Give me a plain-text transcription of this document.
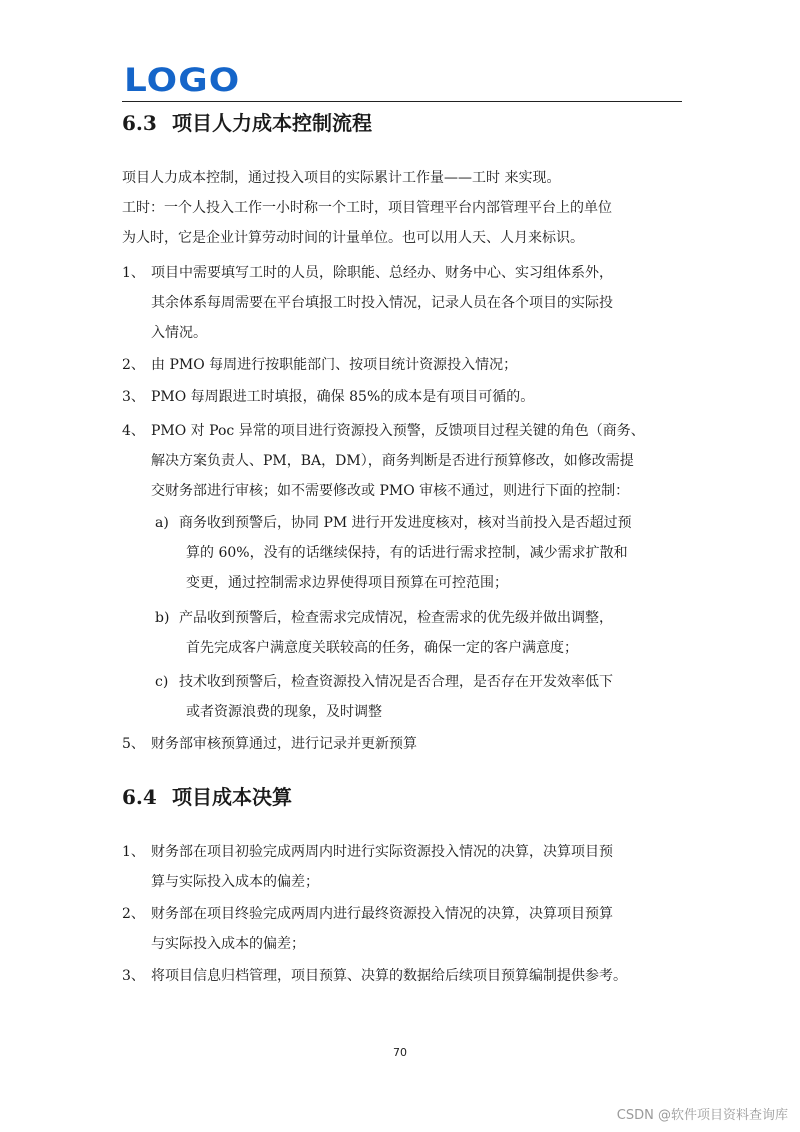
LOGO
6.3 项目人力成本控制流程

项目人力成本控制，通过投入项目的实际累计工作量——工时 来实现。

工时：一个人投入工作一小时称一个工时，项目管理平台内部管理平台上的单位

为人时，它是企业计算劳动时间的计量单位。也可以用人天、人月来标识。

1、 项目中需要填写工时的人员，除职能、总经办、财务中心、实习组体系外，
其余体系每周需要在平台填报工时投入情况，记录人员在各个项目的实际投
入情况。
2、 由 PMO 每周进行按职能部门、按项目统计资源投入情况；
3、 PMO 每周跟进工时填报，确保 85%的成本是有项目可循的。
4、 PMO 对 Poc 异常的项目进行资源投入预警，反馈项目过程关键的角色（商务、
解决方案负责人、PM，BA，DM），商务判断是否进行预算修改，如修改需提
交财务部进行审核；如不需要修改或 PMO 审核不通过，则进行下面的控制：
a) 商务收到预警后，协同 PM 进行开发进度核对，核对当前投入是否超过预
算的 60%，没有的话继续保持，有的话进行需求控制，减少需求扩散和
变更，通过控制需求边界使得项目预算在可控范围；
b) 产品收到预警后，检查需求完成情况，检查需求的优先级并做出调整，
首先完成客户满意度关联较高的任务，确保一定的客户满意度；
c) 技术收到预警后，检查资源投入情况是否合理，是否存在开发效率低下
或者资源浪费的现象，及时调整
5、 财务部审核预算通过，进行记录并更新预算
6.4 项目成本决算
1、 财务部在项目初验完成两周内时进行实际资源投入情况的决算，决算项目预
算与实际投入成本的偏差；
2、 财务部在项目终验完成两周内进行最终资源投入情况的决算，决算项目预算
与实际投入成本的偏差；
3、 将项目信息归档管理，项目预算、决算的数据给后续项目预算编制提供参考。
70
CSDN @软件项目资料查询库
